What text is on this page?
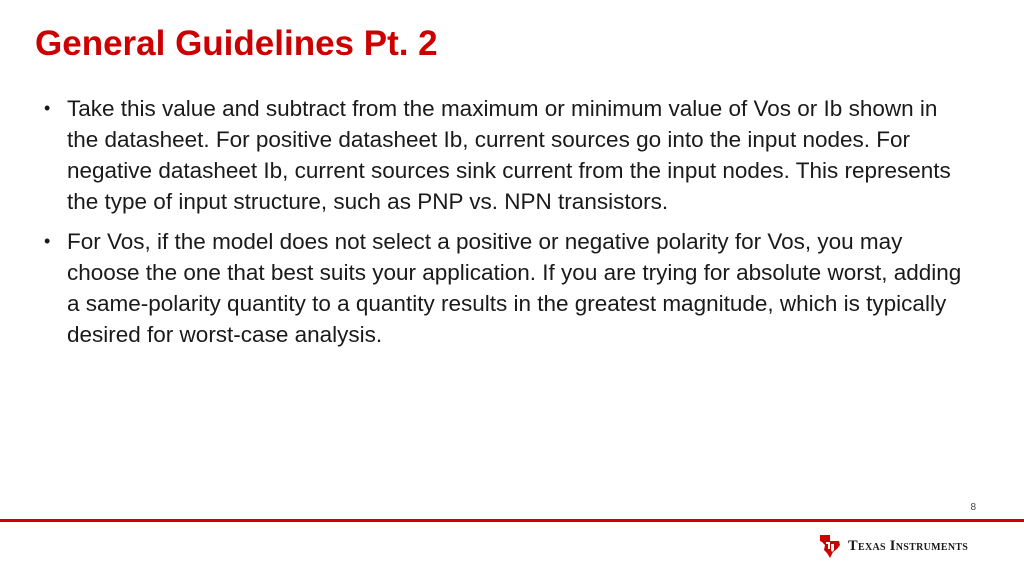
General Guidelines Pt. 2
• Take this value and subtract from the maximum or minimum value of Vos or Ib shown in the datasheet. For positive datasheet Ib, current sources go into the input nodes. For negative datasheet Ib, current sources sink current from the input nodes. This represents the type of input structure, such as PNP vs. NPN transistors.
• For Vos, if the model does not select a positive or negative polarity for Vos, you may choose the one that best suits your application. If you are trying for absolute worst, adding a same-polarity quantity to a quantity results in the greatest magnitude, which is typically desired for worst-case analysis.
8
Texas Instruments
